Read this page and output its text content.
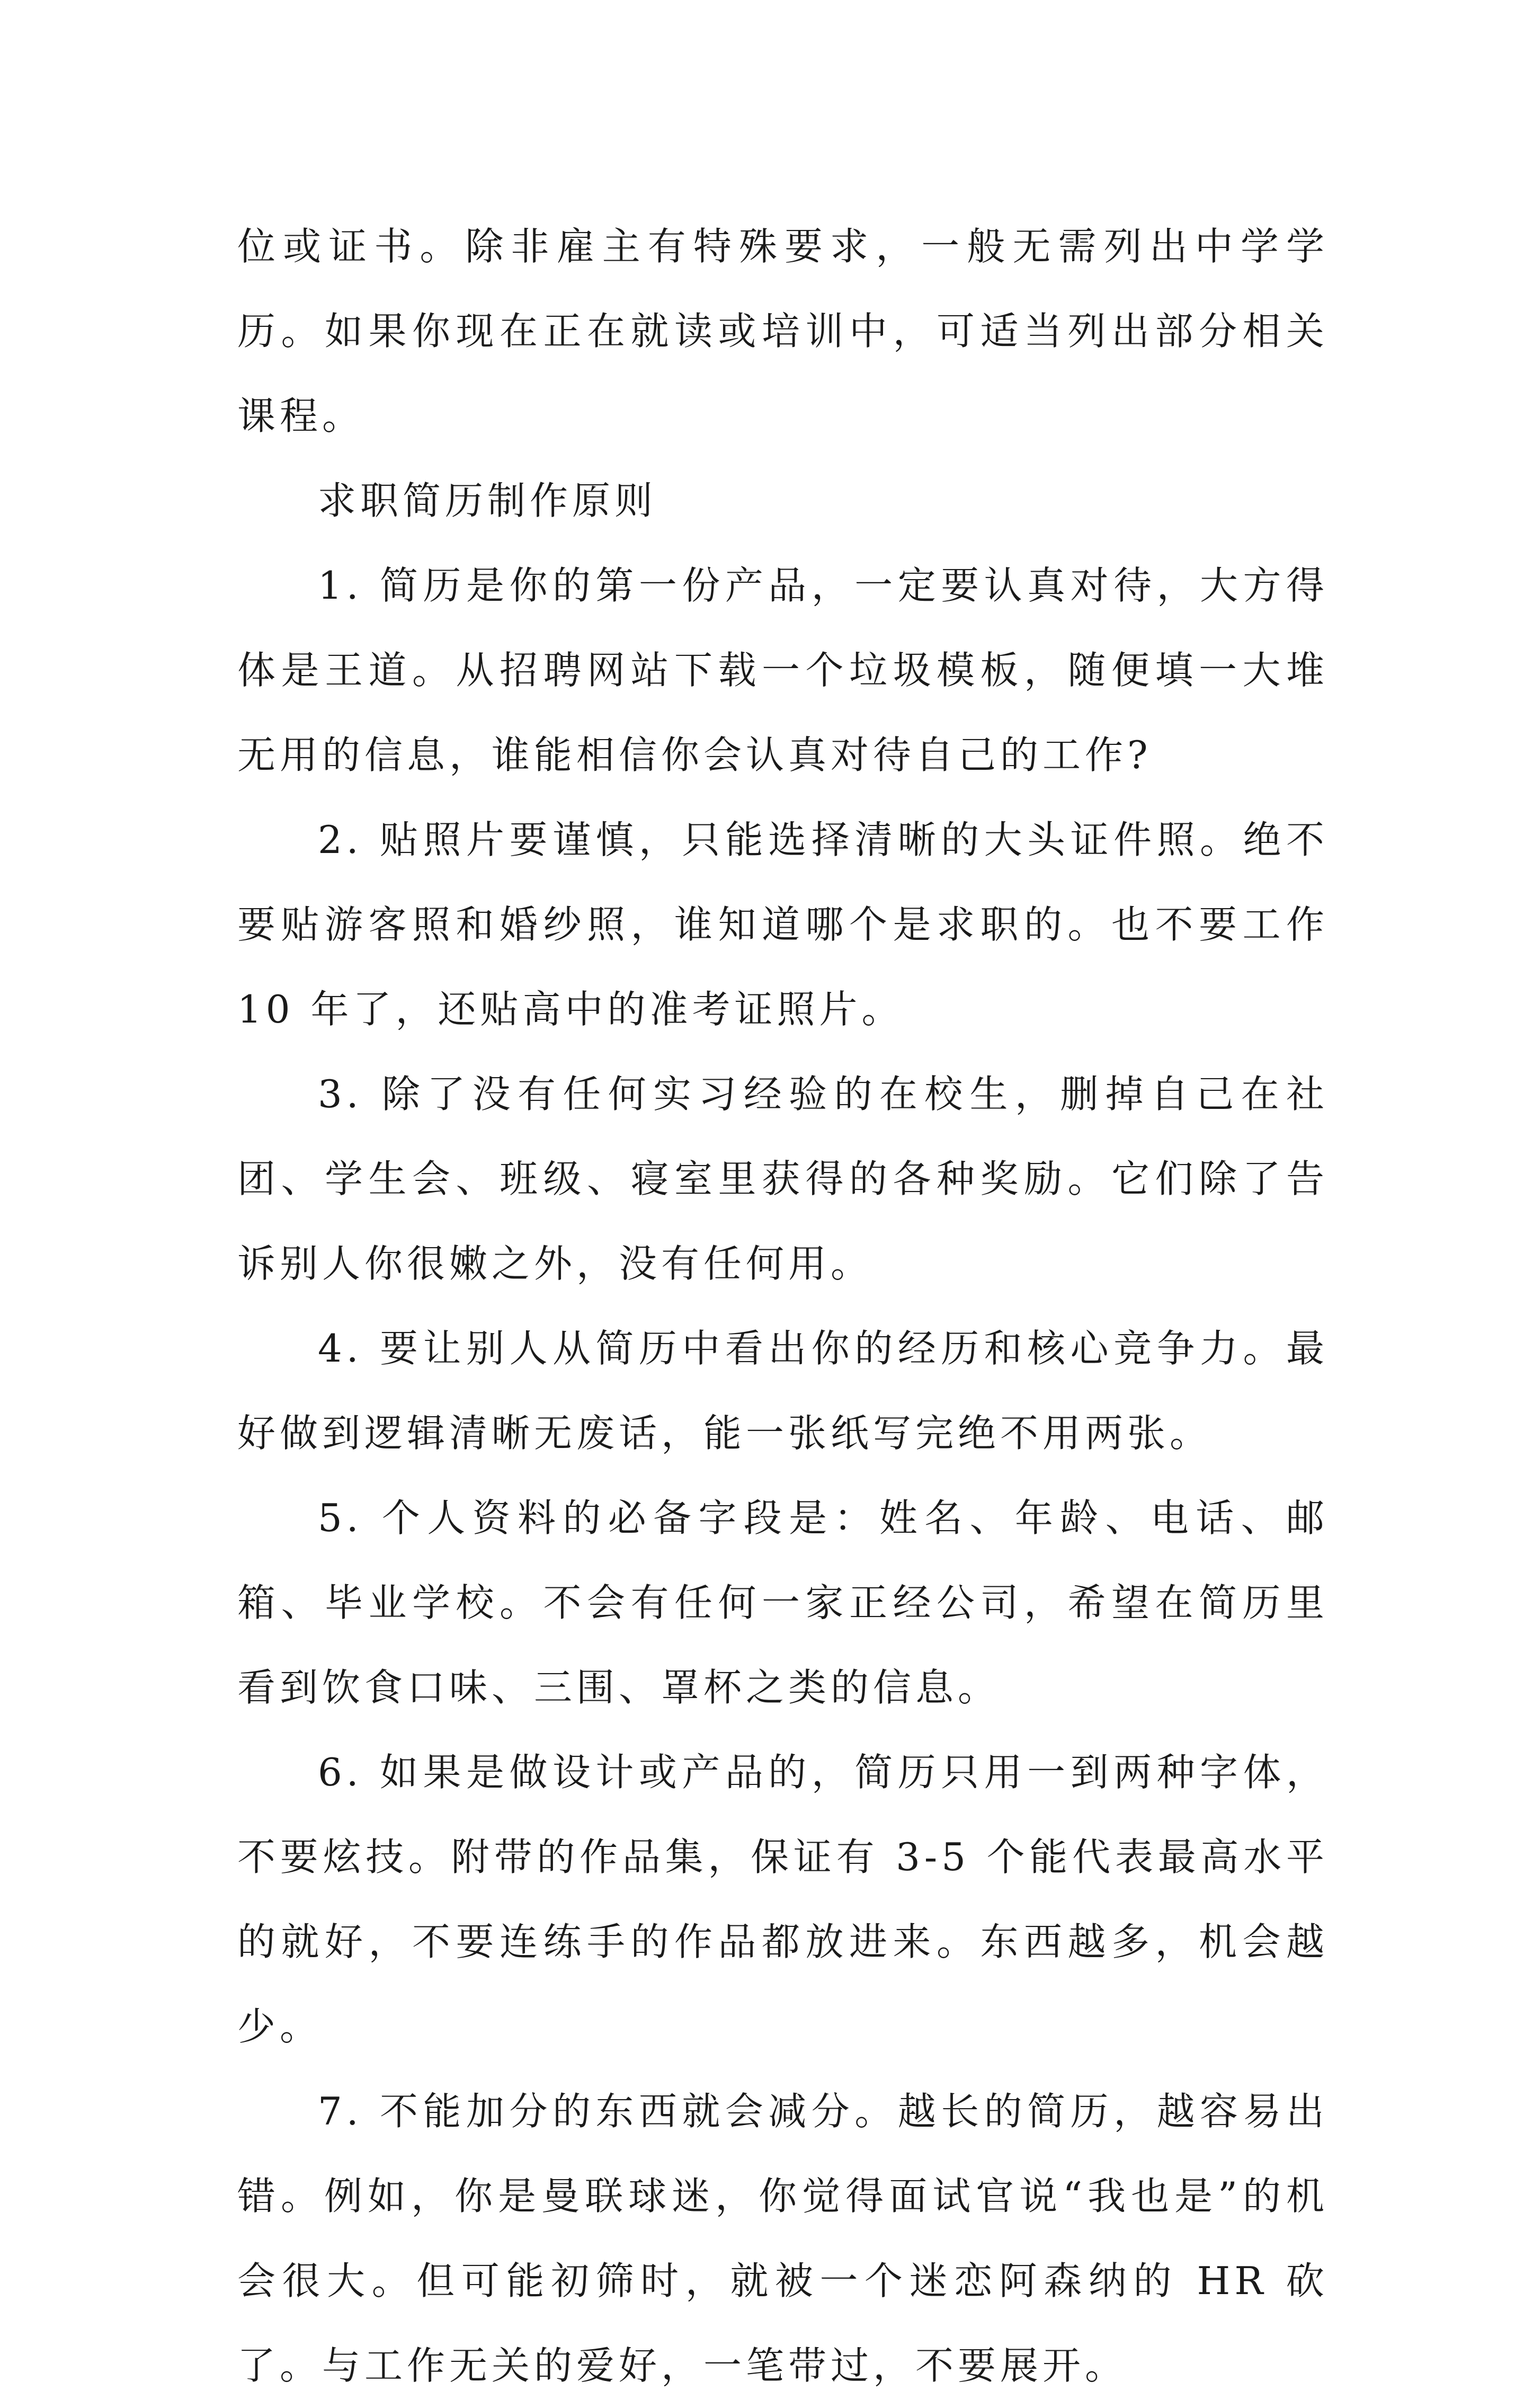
位或证书。除非雇主有特殊要求，一般无需列出中学学历。如果你现在正在就读或培训中，可适当列出部分相关课程。

求职简历制作原则

1. 简历是你的第一份产品，一定要认真对待，大方得体是王道。从招聘网站下载一个垃圾模板，随便填一大堆无用的信息，谁能相信你会认真对待自己的工作?

2. 贴照片要谨慎，只能选择清晰的大头证件照。绝不要贴游客照和婚纱照，谁知道哪个是求职的。也不要工作 10 年了，还贴高中的准考证照片。

3. 除了没有任何实习经验的在校生，删掉自己在社团、学生会、班级、寝室里获得的各种奖励。它们除了告诉别人你很嫩之外，没有任何用。

4. 要让别人从简历中看出你的经历和核心竞争力。最好做到逻辑清晰无废话，能一张纸写完绝不用两张。

5. 个人资料的必备字段是：姓名、年龄、电话、邮箱、毕业学校。不会有任何一家正经公司，希望在简历里看到饮食口味、三围、罩杯之类的信息。

6. 如果是做设计或产品的，简历只用一到两种字体，不要炫技。附带的作品集，保证有 3-5 个能代表最高水平的就好，不要连练手的作品都放进来。东西越多，机会越少。

7. 不能加分的东西就会减分。越长的简历，越容易出错。例如，你是曼联球迷，你觉得面试官说“我也是”的机会很大。但可能初筛时，就被一个迷恋阿森纳的 HR 砍了。与工作无关的爱好，一笔带过，不要展开。
